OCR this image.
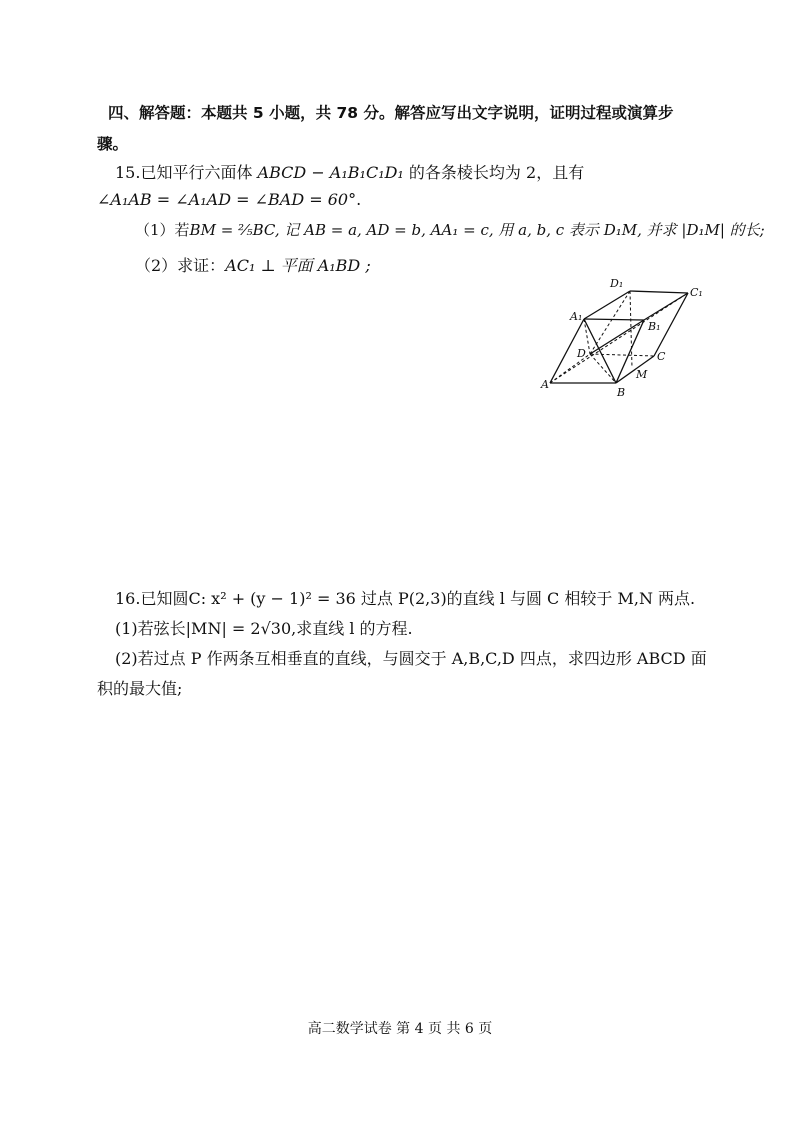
四、解答题：本题共 5 小题，共 78 分。解答应写出文字说明，证明过程或演算步
骤。
15.已知平行六面体 ABCD − A₁B₁C₁D₁ 的各条棱长均为 2，且有
∠A₁AB = ∠A₁AD = ∠BAD = 60°.
（1）若BM = ⅖BC, 记 AB = a, AD = b, AA₁ = c, 用 a, b, c 表示 D₁M, 并求 |D₁M| 的长;
（2）求证：AC₁ ⊥ 平面 A₁BD ;
A
B
C
D
A₁
B₁
C₁
D₁
M
16.已知圆C: x² + (y − 1)² = 36 过点 P(2,3)的直线 l 与圆 C 相较于 M,N 两点.
(1)若弦长|MN| = 2√30,求直线 l 的方程.
(2)若过点 P 作两条互相垂直的直线，与圆交于 A,B,C,D 四点，求四边形 ABCD 面
积的最大值;
高二数学试卷 第 4 页 共 6 页
